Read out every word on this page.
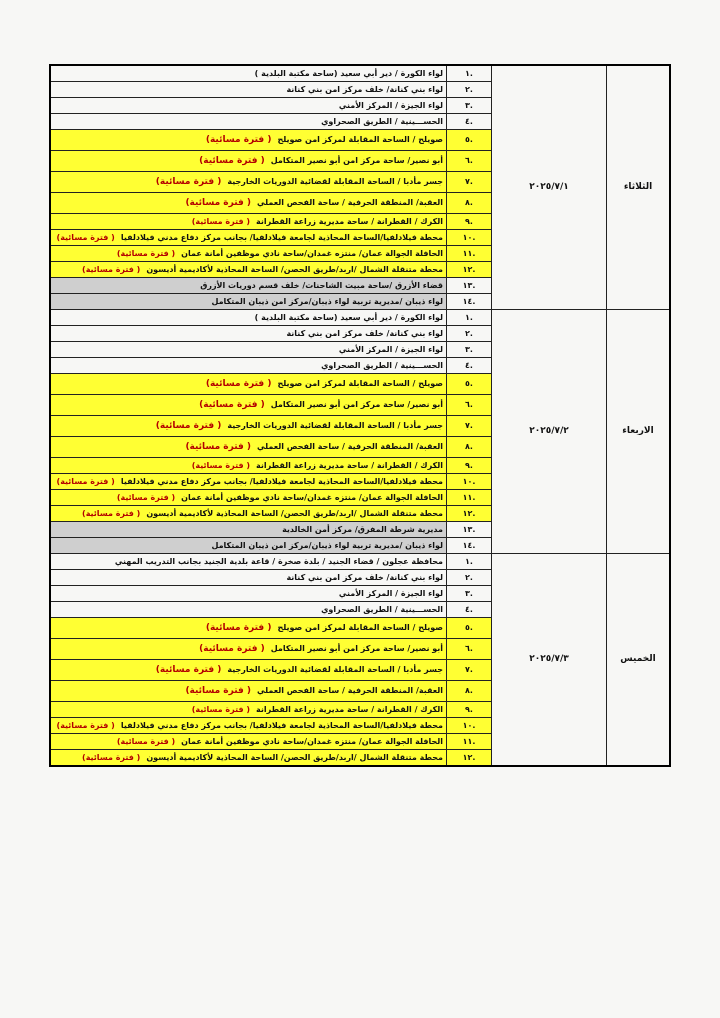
الثلاثاء	٢٠٢٥/٧/١	.١	لواء الكورة / دير أبي سعيد (ساحة مكتبة البلدية )
		.٢	لواء بني كنانة/ خلف مركز امن بني كنانة
		.٣	لواء الجيزة / المركز الأمني
		.٤	الحســـينية / الطريق الصحراوي
		.٥	صويلح / الساحة المقابلة لمركز امن صويلح( فترة مسائية)
		.٦	أبو نصير/ ساحة مركز امن أبو نصير المتكامل( فترة مسائية)
		.٧	جسر مأدبا / الساحة المقابلة لقضائية الدوريات الخارجية( فترة مسائية)
		.٨	العقبة/ المنطقة الحرفية / ساحة الفحص العملي( فترة مسائية)
		.٩	الكرك / القطرانة / ساحة مديرية زراعة القطرانة( فترة مسائية)
		.١٠	محطة فيلادلفيا/الساحة المحاذية لجامعة فيلادلفيا/ بجانب مركز دفاع مدني فيلادلفيا( فترة مسائية)
		.١١	الحافلة الجوالة عمان/ منتزه غمدان/ساحة نادي موظفين أمانة عمان( فترة مسائية)
		.١٢	محطة متنقلة الشمال /اربد/طريق الحصن/ الساحة المحاذية لأكاديمية أديسون( فترة مسائية)
		.١٣	قضاء الأزرق /ساحة مبيت الشاحنات/ خلف قسم دوريات الأزرق
		.١٤	لواء ذيبان /مديرية تربية لواء ذيبان/مركز امن ذيبان المتكامل
الاربعاء	٢٠٢٥/٧/٢	.١	لواء الكورة / دير أبي سعيد (ساحة مكتبة البلدية )
		.٢	لواء بني كنانة/ خلف مركز امن بني كنانة
		.٣	لواء الجيزة / المركز الأمني
		.٤	الحســـينية / الطريق الصحراوي
		.٥	صويلح / الساحة المقابلة لمركز امن صويلح( فترة مسائية)
		.٦	أبو نصير/ ساحة مركز امن أبو نصير المتكامل( فترة مسائية)
		.٧	جسر مأدبا / الساحة المقابلة لقضائية الدوريات الخارجية( فترة مسائية)
		.٨	العقبة/ المنطقة الحرفية / ساحة الفحص العملي( فترة مسائية)
		.٩	الكرك / القطرانة / ساحة مديرية زراعة القطرانة( فترة مسائية)
		.١٠	محطة فيلادلفيا/الساحة المحاذية لجامعة فيلادلفيا/ بجانب مركز دفاع مدني فيلادلفيا( فترة مسائية)
		.١١	الحافلة الجوالة عمان/ منتزه غمدان/ساحة نادي موظفين أمانة عمان( فترة مسائية)
		.١٢	محطة متنقلة الشمال /اربد/طريق الحصن/ الساحة المحاذية لأكاديمية أديسون( فترة مسائية)
		.١٣	مديرية شرطة المفرق/ مركز أمن الخالدية
		.١٤	لواء ذيبان /مديرية تربية لواء ذيبان/مركز امن ذيبان المتكامل
الخميس	٢٠٢٥/٧/٣	.١	محافظة عجلون / قضاء الجنيد / بلدة صخرة / قاعة بلدية الجنيد بجانب التدريب المهني
		.٢	لواء بني كنانة/ خلف مركز امن بني كنانة
		.٣	لواء الجيزة / المركز الأمني
		.٤	الحســـينية / الطريق الصحراوي
		.٥	صويلح / الساحة المقابلة لمركز امن صويلح( فترة مسائية)
		.٦	أبو نصير/ ساحة مركز امن أبو نصير المتكامل( فترة مسائية)
		.٧	جسر مأدبا / الساحة المقابلة لقضائية الدوريات الخارجية( فترة مسائية)
		.٨	العقبة/ المنطقة الحرفية / ساحة الفحص العملي( فترة مسائية)
		.٩	الكرك / القطرانة / ساحة مديرية زراعة القطرانة( فترة مسائية)
		.١٠	محطة فيلادلفيا/الساحة المحاذية لجامعة فيلادلفيا/ بجانب مركز دفاع مدني فيلادلفيا( فترة مسائية)
		.١١	الحافلة الجوالة عمان/ منتزه غمدان/ساحة نادي موظفين أمانة عمان( فترة مسائية)
		.١٢	محطة متنقلة الشمال /اربد/طريق الحصن/ الساحة المحاذية لأكاديمية أديسون( فترة مسائية)
